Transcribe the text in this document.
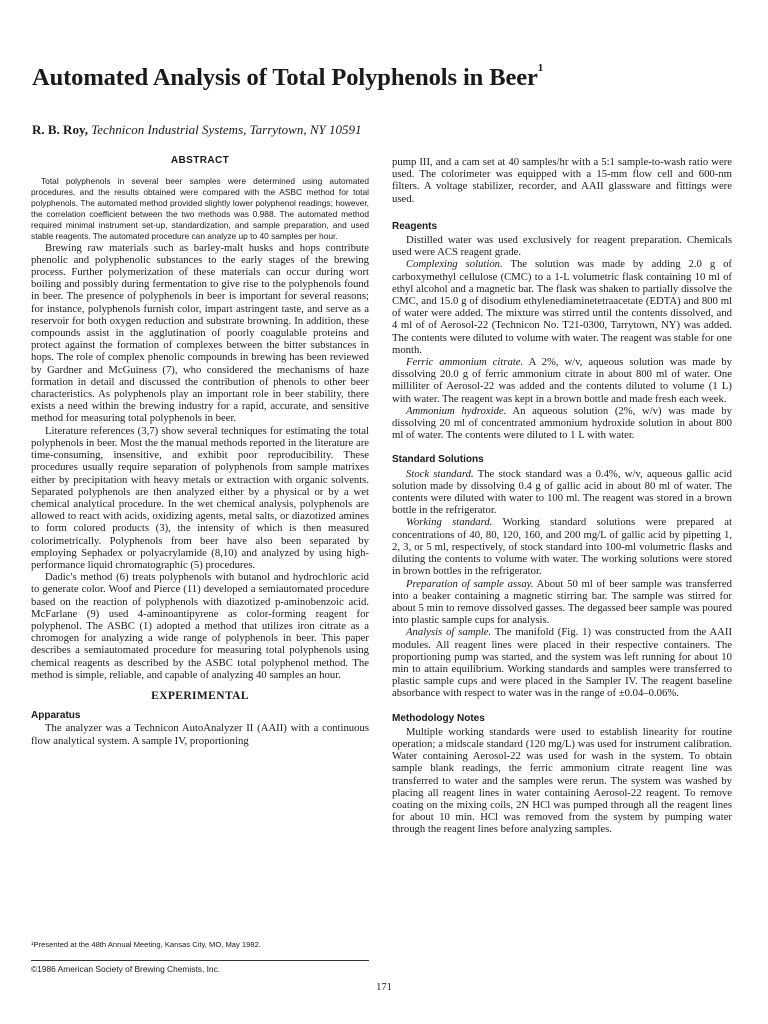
Automated Analysis of Total Polyphenols in Beer$^1$
R. B. Roy, Technicon Industrial Systems, Tarrytown, NY 10591
ABSTRACT

Total polyphenols in several beer samples were determined using automated procedures, and the results obtained were compared with the ASBC method for total polyphenols. The automated method provided slightly lower polyphenol readings; however, the correlation coefficient between the two methods was 0.988. The automated method required minimal instrument set-up, standardization, and sample preparation, and used stable reagents. The automated procedure can analyze up to 40 samples per hour.

Brewing raw materials such as barley-malt husks and hops contribute phenolic and polyphenolic substances to the early stages of the brewing process. Further polymerization of these materials can occur during wort boiling and possibly during fermentation to give rise to the polyphenols found in beer. The presence of polyphenols in beer is important for several reasons; for instance, polyphenols furnish color, impart astringent taste, and serve as a reservoir for both oxygen reduction and substrate browning. In addition, these compounds assist in the agglutination of poorly coagulable proteins and protect against the formation of complexes between the bitter substances in hops. The role of complex phenolic compounds in brewing has been reviewed by Gardner and McGuiness (7), who considered the mechanisms of haze formation in detail and discussed the contribution of phenols to other beer characteristics. As polyphenols play an important role in beer stability, there exists a need within the brewing industry for a rapid, accurate, and sensitive method for measuring total polyphenols in beer.

Literature references (3,7) show several techniques for estimating the total polyphenols in beer. Most the the manual methods reported in the literature are time-consuming, insensitive, and exhibit poor reproducibility. These procedures usually require separation of polyphenols from sample matrixes either by precipitation with heavy metals or extraction with organic solvents. Separated polyphenols are then analyzed either by a physical or by a wet chemical analytical procedure. In the wet chemical analysis, polyphenols are allowed to react with acids, oxidizing agents, metal salts, or diazotized amines to form colored products (3), the intensity of which is then measured colorimetrically. Polyphenols from beer have also been separated by employing Sephadex or polyacrylamide (8,10) and analyzed by using high-performance liquid chromatographic (5) procedures.

Dadic's method (6) treats polyphenols with butanol and hydrochloric acid to generate color. Woof and Pierce (11) developed a semiautomated procedure based on the reaction of polyphenols with diazotized p-aminobenzoic acid. McFarlane (9) used 4-aminoantipyrene as color-forming reagent for polyphenol. The ASBC (1) adopted a method that utilizes iron citrate as a chromogen for analyzing a wide range of polyphenols in beer. This paper describes a semiautomated procedure for measuring total polyphenols using chemical reagents as described by the ASBC total polyphenol method. The method is simple, reliable, and capable of analyzing 40 samples an hour.

EXPERIMENTAL
Apparatus

The analyzer was a Technicon AutoAnalyzer II (AAII) with a continuous flow analytical system. A sample IV, proportioning

pump III, and a cam set at 40 samples/hr with a 5:1 sample-to-wash ratio were used. The colorimeter was equipped with a 15-mm flow cell and 600-nm filters. A voltage stabilizer, recorder, and AAII glassware and fittings were used.

Reagents

Distilled water was used exclusively for reagent preparation. Chemicals used were ACS reagent grade.

Complexing solution. The solution was made by adding 2.0 g of carboxymethyl cellulose (CMC) to a 1-L volumetric flask containing 10 ml of ethyl alcohol and a magnetic bar. The flask was shaken to partially dissolve the CMC, and 15.0 g of disodium ethylenediaminetetraacetate (EDTA) and 800 ml of water were added. The mixture was stirred until the contents dissolved, and 4 ml of of Aerosol-22 (Technicon No. T21-0300, Tarrytown, NY) was added. The contents were diluted to volume with water. The reagent was stable for one month.

Ferric ammonium citrate. A 2%, w/v, aqueous solution was made by dissolving 20.0 g of ferric ammonium citrate in about 800 ml of water. One milliliter of Aerosol-22 was added and the contents diluted to volume (1 L) with water. The reagent was kept in a brown bottle and made fresh each week.

Ammonium hydroxide. An aqueous solution (2%, w/v) was made by dissolving 20 ml of concentrated ammonium hydroxide solution in about 800 ml of water. The contents were diluted to 1 L with water.

Standard Solutions

Stock standard. The stock standard was a 0.4%, w/v, aqueous gallic acid solution made by dissolving 0.4 g of gallic acid in about 80 ml of water. The contents were diluted with water to 100 ml. The reagent was stored in a brown bottle in the refrigerator.

Working standard. Working standard solutions were prepared at concentrations of 40, 80, 120, 160, and 200 mg/L of gallic acid by pipetting 1, 2, 3, or 5 ml, respectively, of stock standard into 100-ml volumetric flasks and diluting the contents to volume with water. The working solutions were stored in brown bottles in the refrigerator.

Preparation of sample assay. About 50 ml of beer sample was transferred into a beaker containing a magnetic stirring bar. The sample was stirred for about 5 min to remove dissolved gasses. The degassed beer sample was poured into plastic sample cups for analysis.

Analysis of sample. The manifold (Fig. 1) was constructed from the AAII modules. All reagent lines were placed in their respective containers. The proportioning pump was started, and the system was left running for about 10 min to attain equilibrium. Working standards and samples were transferred to plastic sample cups and were placed in the Sampler IV. The reagent baseline absorbance with respect to water was in the range of ±0.04–0.06%.

Methodology Notes

Multiple working standards were used to establish linearity for routine operation; a midscale standard (120 mg/L) was used for instrument calibration. Water containing Aerosol-22 was used for wash in the system. To obtain sample blank readings, the ferric ammonium citrate reagent line was transferred to water and the samples were rerun. The system was washed by placing all reagent lines in water containing Aerosol-22 reagent. To remove coating on the mixing coils, 2N HCl was pumped through all the reagent lines for about 10 min. HCl was removed from the system by pumping water through the reagent lines before analyzing samples.

¹Presented at the 48th Annual Meeting, Kansas City, MO, May 1982.
©1986 American Society of Brewing Chemists, Inc.
171
